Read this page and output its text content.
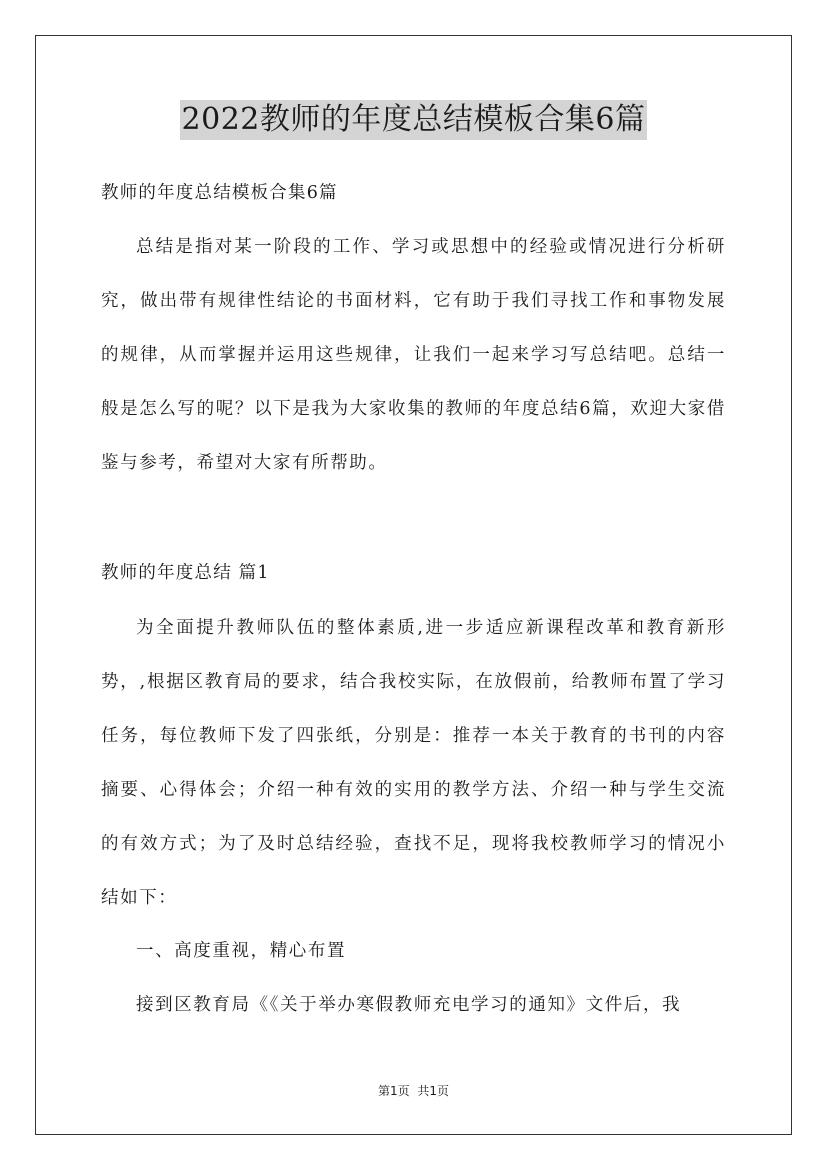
2022教师的年度总结模板合集6篇

教师的年度总结模板合集6篇

总结是指对某一阶段的工作、学习或思想中的经验或情况进行分析研究，做出带有规律性结论的书面材料，它有助于我们寻找工作和事物发展的规律，从而掌握并运用这些规律，让我们一起来学习写总结吧。总结一般是怎么写的呢？以下是我为大家收集的教师的年度总结6篇，欢迎大家借鉴与参考，希望对大家有所帮助。

教师的年度总结 篇1

为全面提升教师队伍的整体素质,进一步适应新课程改革和教育新形势，,根据区教育局的要求，结合我校实际，在放假前，给教师布置了学习任务，每位教师下发了四张纸，分别是：推荐一本关于教育的书刊的内容摘要、心得体会；介绍一种有效的实用的教学方法、介绍一种与学生交流的有效方式；为了及时总结经验，查找不足，现将我校教师学习的情况小结如下：

一、高度重视，精心布置

接到区教育局《《关于举办寒假教师充电学习的通知》文件后，我

第1页 共1页
